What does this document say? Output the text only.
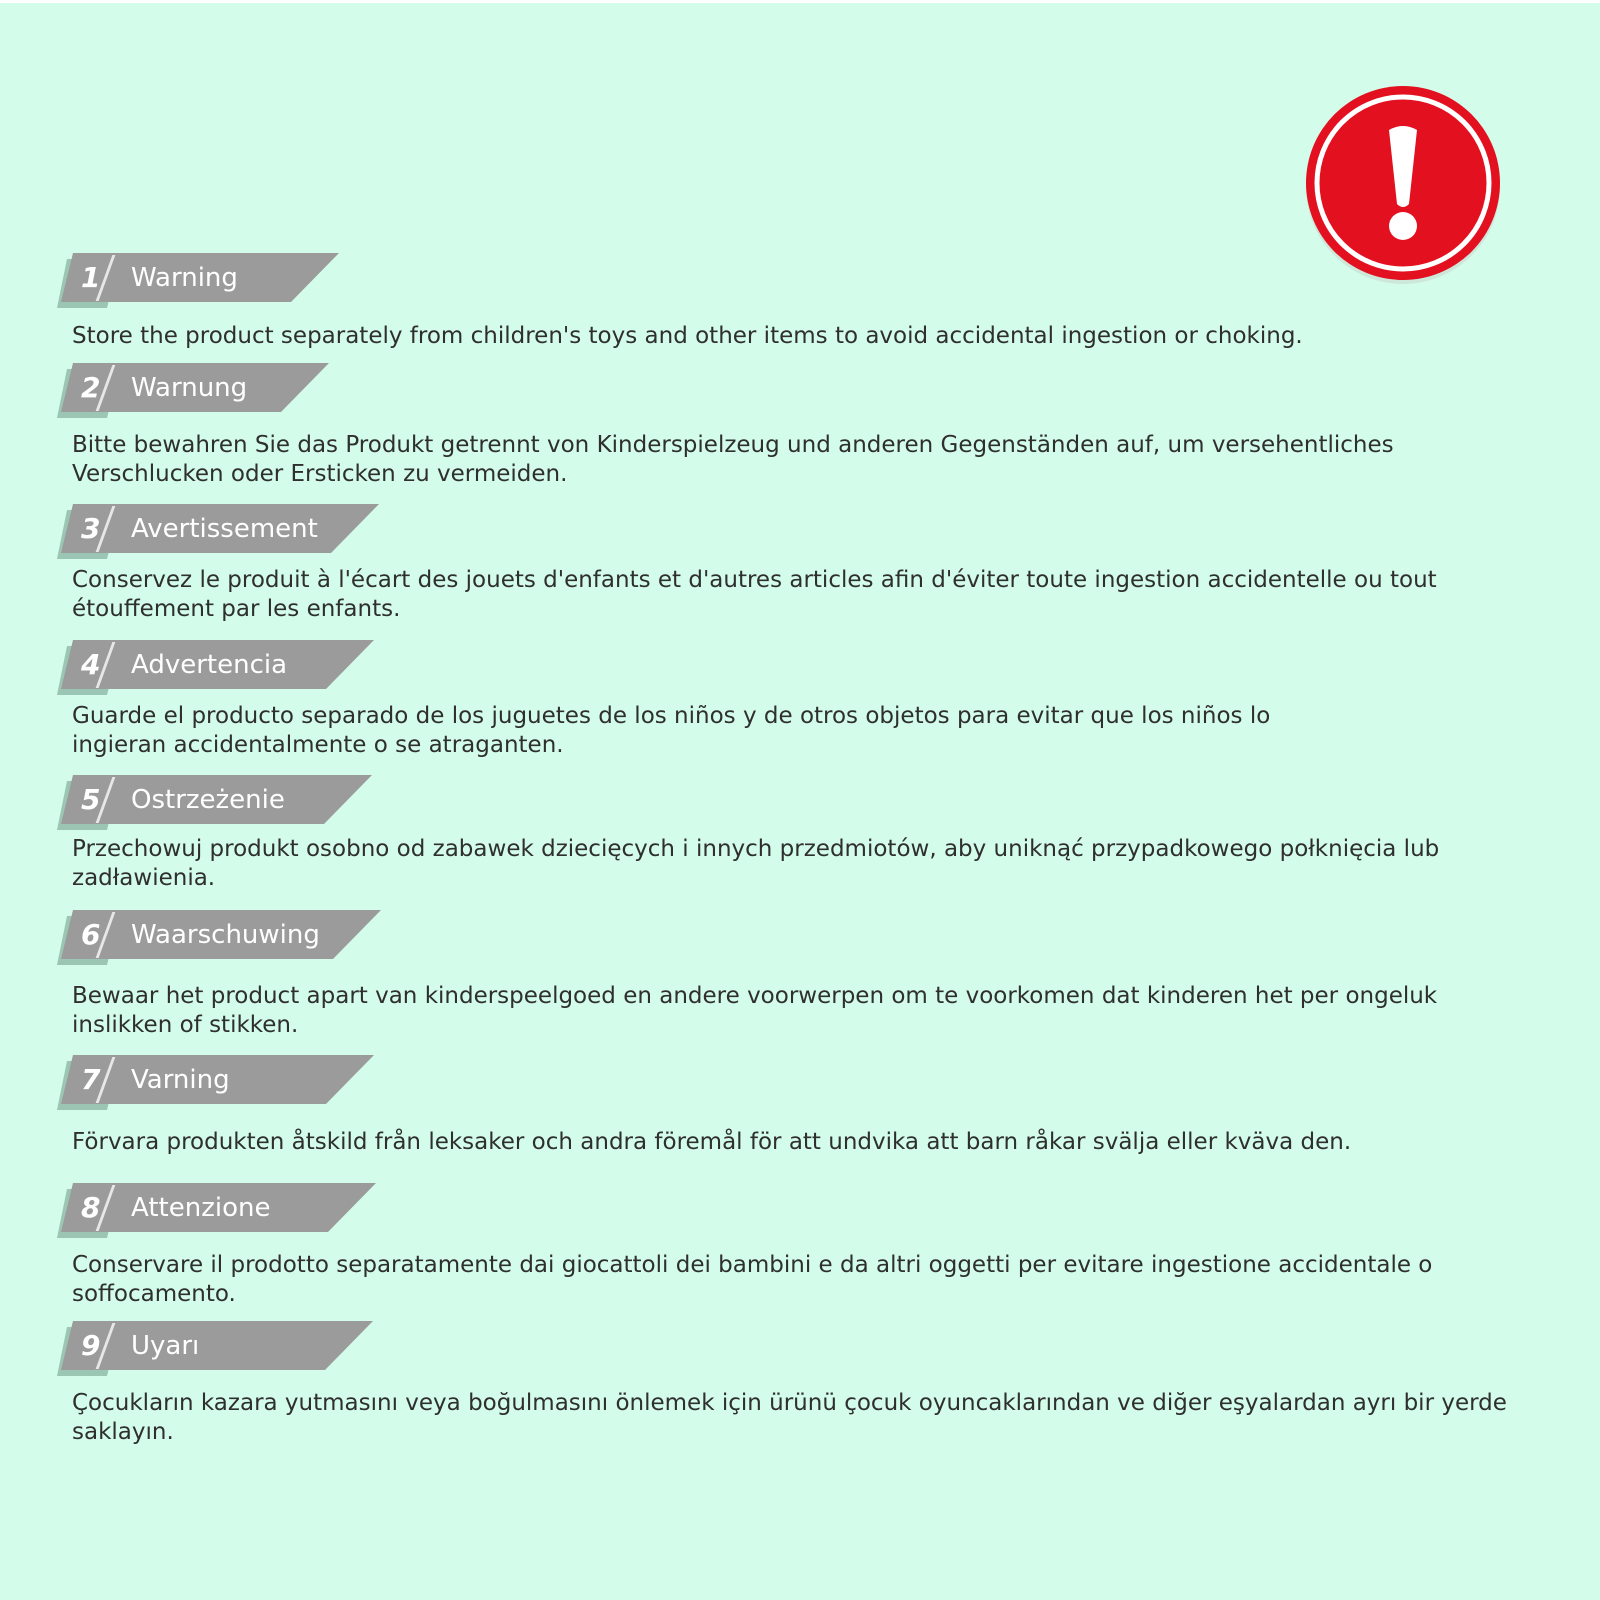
1 Warning

Store the product separately from children's toys and other items to avoid accidental ingestion or choking.

2 Warnung

Bitte bewahren Sie das Produkt getrennt von Kinderspielzeug und anderen Gegenständen auf, um versehentliches Verschlucken oder Ersticken zu vermeiden.

3 Avertissement

Conservez le produit à l'écart des jouets d'enfants et d'autres articles afin d'éviter toute ingestion accidentelle ou tout étouffement par les enfants.

4 Advertencia

Guarde el producto separado de los juguetes de los niños y de otros objetos para evitar que los niños lo ingieran accidentalmente o se atraganten.

5 Ostrzeżenie

Przechowuj produkt osobno od zabawek dziecięcych i innych przedmiotów, aby uniknąć przypadkowego połknięcia lub zadławienia.

6 Waarschuwing

Bewaar het product apart van kinderspeelgoed en andere voorwerpen om te voorkomen dat kinderen het per ongeluk inslikken of stikken.

7 Varning

Förvara produkten åtskild från leksaker och andra föremål för att undvika att barn råkar svälja eller kväva den.

8 Attenzione

Conservare il prodotto separatamente dai giocattoli dei bambini e da altri oggetti per evitare ingestione accidentale o soffocamento.

9 Uyarı

Çocukların kazara yutmasını veya boğulmasını önlemek için ürünü çocuk oyuncaklarından ve diğer eşyalardan ayrı bir yerde saklayın.
